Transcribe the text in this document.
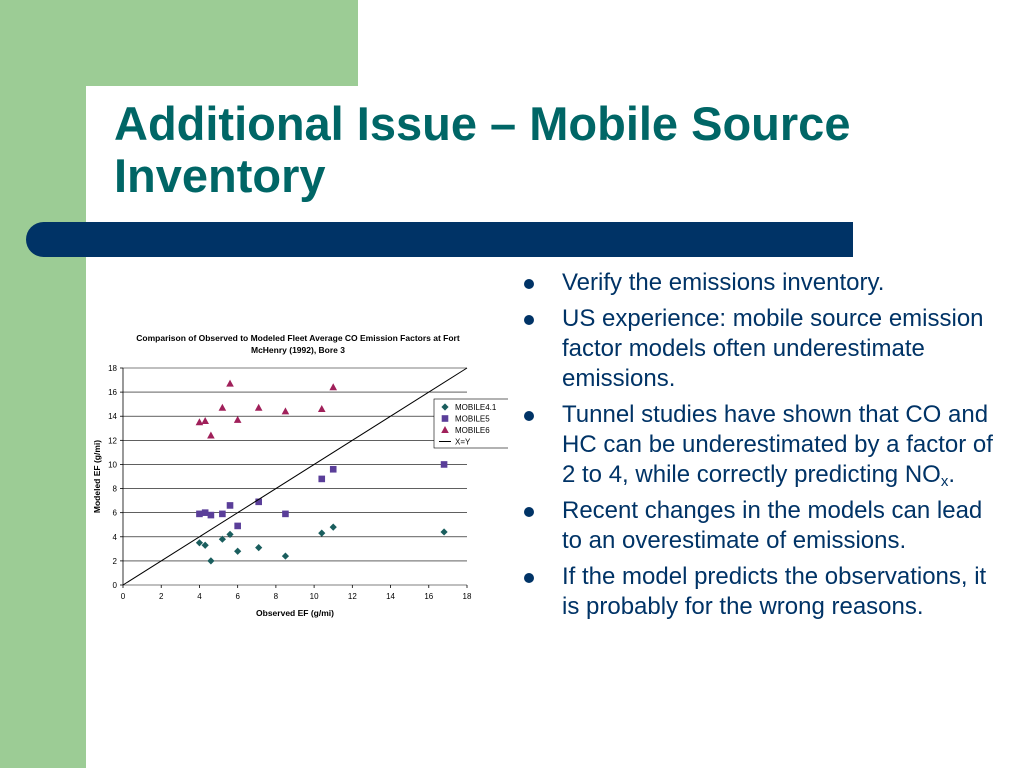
Additional Issue – Mobile Source
Inventory
Comparison of Observed to Modeled Fleet Average CO Emission Factors at Fort
McHenry (1992), Bore 3
0
2
4
6
8
10
12
14
16
18
0	2	4	6	8	10	12	14	16	18
Observed EF (g/mi)
Modeled EF (g/mi)
MOBILE4.1
MOBILE5
MOBILE6
X=Y
Verify the emissions inventory.
US experience: mobile source emission factor models often underestimate emissions.
Tunnel studies have shown that CO and HC can be underestimated by a factor of 2 to 4, while correctly predicting $NO_x$.
Recent changes in the models can lead to an overestimate of emissions.
If the model predicts the observations, it is probably for the wrong reasons.
